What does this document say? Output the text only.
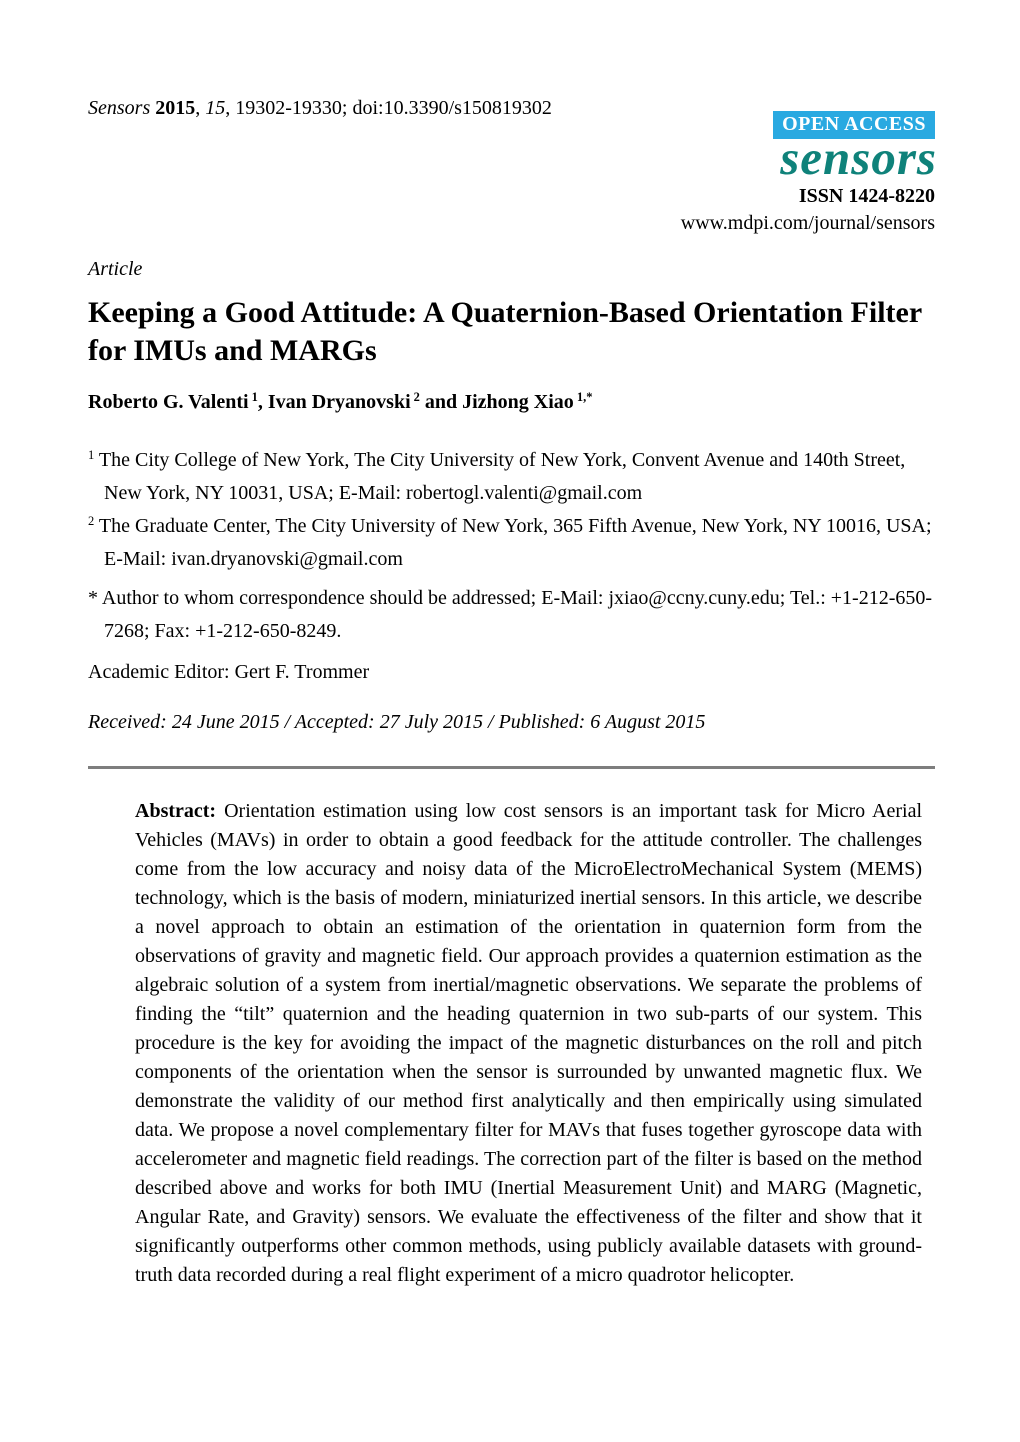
Sensors 2015, 15, 19302-19330; doi:10.3390/s150819302
OPEN ACCESS
sensors
ISSN 1424-8220
www.mdpi.com/journal/sensors
Article
Keeping a Good Attitude: A Quaternion-Based Orientation Filter for IMUs and MARGs
Roberto G. Valenti $^1$, Ivan Dryanovski $^2$ and Jizhong Xiao $^{1,*}$
$^1$ The City College of New York, The City University of New York, Convent Avenue and 140th Street, New York, NY 10031, USA; E-Mail: robertogl.valenti@gmail.com
$^2$ The Graduate Center, The City University of New York, 365 Fifth Avenue, New York, NY 10016, USA; E-Mail: ivan.dryanovski@gmail.com
* Author to whom correspondence should be addressed; E-Mail: jxiao@ccny.cuny.edu; Tel.: +1-212-650-7268; Fax: +1-212-650-8249.
Academic Editor: Gert F. Trommer
Received: 24 June 2015 / Accepted: 27 July 2015 / Published: 6 August 2015
Abstract: Orientation estimation using low cost sensors is an important task for Micro Aerial Vehicles (MAVs) in order to obtain a good feedback for the attitude controller. The challenges come from the low accuracy and noisy data of the MicroElectroMechanical System (MEMS) technology, which is the basis of modern, miniaturized inertial sensors. In this article, we describe a novel approach to obtain an estimation of the orientation in quaternion form from the observations of gravity and magnetic field. Our approach provides a quaternion estimation as the algebraic solution of a system from inertial/magnetic observations. We separate the problems of finding the “tilt” quaternion and the heading quaternion in two sub-parts of our system. This procedure is the key for avoiding the impact of the magnetic disturbances on the roll and pitch components of the orientation when the sensor is surrounded by unwanted magnetic flux. We demonstrate the validity of our method first analytically and then empirically using simulated data. We propose a novel complementary filter for MAVs that fuses together gyroscope data with accelerometer and magnetic field readings. The correction part of the filter is based on the method described above and works for both IMU (Inertial Measurement Unit) and MARG (Magnetic, Angular Rate, and Gravity) sensors. We evaluate the effectiveness of the filter and show that it significantly outperforms other common methods, using publicly available datasets with ground-truth data recorded during a real flight experiment of a micro quadrotor helicopter.
